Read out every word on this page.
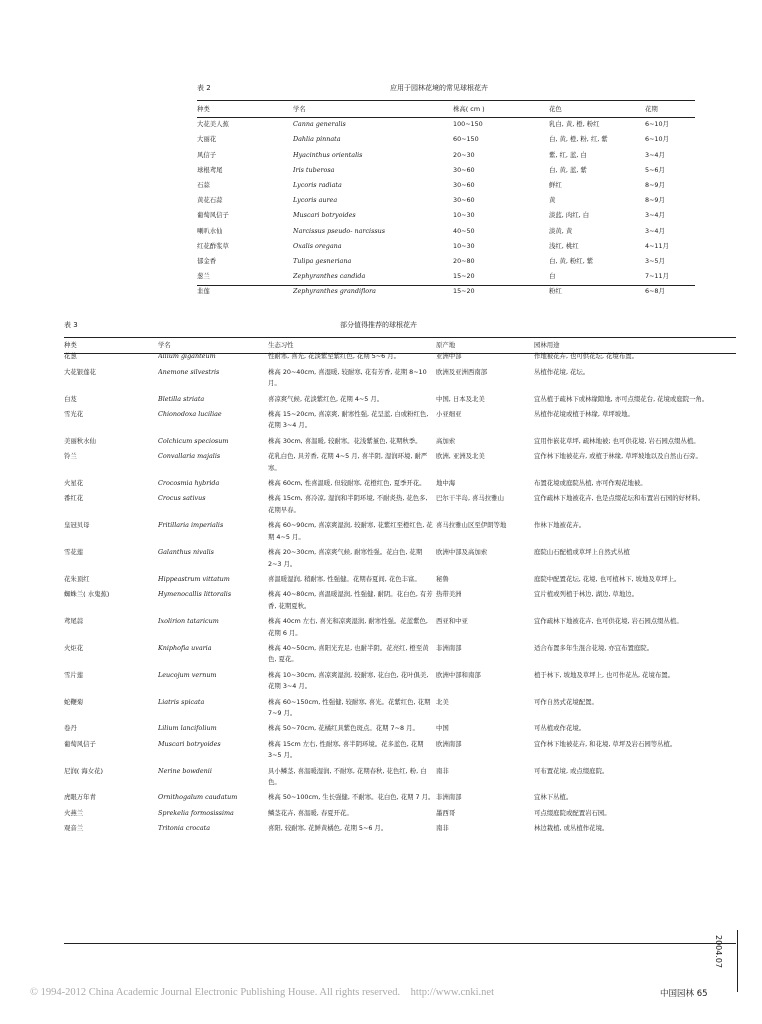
表 2	应用于园林花境的常见球根花卉
种类	学名	株高( cm )	花色	花期
大花美人蕉	Canna generalis	100~150	乳白, 黄, 橙, 粉红	6~10月
大丽花	Dahlia pinnata	60~150	白, 黄, 橙, 粉, 红, 紫	6~10月
风信子	Hyacinthus orientalis	20~30	紫, 红, 蓝, 白	3~4月
球根鸢尾	Iris tuberosa	30~60	白, 黄, 蓝, 紫	5~6月
石蒜	Lycoris radiata	30~60	鲜红	8~9月
黄花石蒜	Lycoris aurea	30~60	黄	8~9月
葡萄风信子	Muscari botryoides	10~30	淡蓝, 肉红, 白	3~4月
喇叭水仙	Narcissus pseudo- narcissus	40~50	淡黄, 黄	3~4月
红花酢浆草	Oxalis oregana	10~30	浅红, 桃红	4~11月
郁金香	Tulipa gesneriana	20~80	白, 黄, 粉红, 紫	3~5月
葱兰	Zephyranthes candida	15~20	白	7~11月
韭莲	Zephyranthes grandiflora	15~20	粉红	6~8月
表 3	部分值得推荐的球根花卉
种类	学名	生态习性	原产地	园林用途
花葱	Allium giganteum	性耐寒, 喜光, 花淡紫至紫红色, 花期 5~6 月。	亚洲中部	作地被花卉, 也可供花坛, 花境布置。
大花银莲花	Anemone silvestris	株高 20~40cm, 喜湿暖, 较耐寒, 花有芳香, 花期 8~10 月。	欧洲及亚洲西南部	丛植作花境, 花坛。
白芨	Bletilla striata	喜凉爽气候, 花淡紫红色, 花期 4~5 月。	中国, 日本及北美	宜丛植于疏林下或林缘隙地, 亦可点缀花台, 花境或庭院一角。
雪光花	Chionodoxa luciliae	株高 15~20cm, 喜凉爽, 耐寒性强, 花呈蓝, 白或粉红色, 花期 3~4 月。	小亚细亚	丛植作花境或植于林缘, 草坪坡地。
美丽秋水仙	Colchicum speciosum	株高 30cm, 喜温暖, 较耐寒。花浅紫堇色, 花期秋季。	高加索	宜用作嵌花草坪, 疏林地被; 也可供花境, 岩石园点缀丛植。
铃兰	Convallaria majalis	花乳白色, 具芳香, 花期 4~5 月, 喜半阴, 湿润环境, 耐严寒。	欧洲, 亚洲及北美	宜作林下地被花卉, 或植于林缘, 草坪坡地以及自然山石旁。
火星花	Crocosmia hybrida	株高 60cm, 性喜温暖, 但较耐寒, 花橙红色, 夏季开花。	地中海	布置花境或庭院丛植, 亦可作观花地被。
番红花	Crocus sativus	株高 15cm, 喜冷凉, 湿润和半阴环境, 不耐炎热, 花色多, 花期早春。	巴尔干半岛, 喜马拉雅山	宜作疏林下地被花卉, 也是点缀花坛和布置岩石园的好材料。
皇冠贝母	Fritillaria imperialis	株高 60~90cm, 喜凉爽湿润, 较耐寒, 花紫红至橙红色, 花期 4~5 月。	喜马拉雅山区至伊朗等地	作林下地被花卉。
雪花莲	Galanthus nivalis	株高 20~30cm, 喜凉爽气候, 耐寒性强。花白色, 花期 2~3 月。	欧洲中部及高加索	庭院山石配植或草坪上自然式丛植
花朱顶红	Hippeastrum vittatum	喜温暖湿润, 稍耐寒, 性强健。花期春夏间, 花色丰富。	秘鲁	庭院中配置花坛, 花境, 也可植林下, 坡地及草坪上。
蜘蛛兰( 水鬼蕉)	Hymenocallis littoralis	株高 40~80cm, 喜温暖湿润, 性强健, 耐阴。花白色, 有芳香, 花期夏秋。	热带美洲	宜片植或列植于林边, 湖边, 草地边。
鸢尾蒜	Ixolirion tataricum	株高 40cm 左右, 喜光和凉爽湿润, 耐寒性强。花蓝紫色, 花期 6 月。	西亚和中亚	宜作疏林下地被花卉, 也可供花境, 岩石园点缀丛植。
火炬花	Kniphofia uvaria	株高 40~50cm, 喜阳光充足, 也耐半阴。花亮红, 橙至黄色, 夏花。	非洲南部	适合布置多年生混合花境, 亦宜布置庭院。
雪片莲	Leucojum vernum	株高 10~30cm, 喜凉爽湿润, 较耐寒, 花白色, 花叶俱美, 花期 3~4 月。	欧洲中部和南部	植于林下, 坡地及草坪上, 也可作花丛, 花境布置。
蛇鞭菊	Liatris spicata	株高 60~150cm, 性强健, 较耐寒, 喜光。花紫红色, 花期 7~9 月。	北美	可作自然式花境配置。
卷丹	Lilium lancifolium	株高 50~70cm, 花橘红具紫色斑点。花期 7~8 月。	中国	可丛植或作花境。
葡萄风信子	Muscari botryoides	株高 15cm 左右, 性耐寒, 喜半阴环境。花多蓝色, 花期 3~5 月。	欧洲南部	宜作林下地被花卉, 和花境, 草坪及岩石园等丛植。
尼润( 海女花)	Nerine bowdenii	具小鳞茎, 喜温暖湿润, 不耐寒, 花期春秋, 花色红, 粉, 白色。	南非	可布置花境, 或点缀庭院。
虎眼万年青	Ornithogalum caudatum	株高 50~100cm, 生长强健, 不耐寒。花白色, 花期 7 月。	非洲南部	宜林下丛植。
火燕兰	Sprekelia formosissima	鳞茎花卉, 喜温暖, 春夏开花。	墨西哥	可点缀庭院或配置岩石园。
观音兰	Tritonia crocata	喜阳, 较耐寒, 花鲜黄橘色, 花期 5~6 月。	南非	林边栽植, 或丛植作花境。
© 1994-2012 China Academic Journal Electronic Publishing House. All rights reserved. http://www.cnki.net	中国园林 65
2004.07
